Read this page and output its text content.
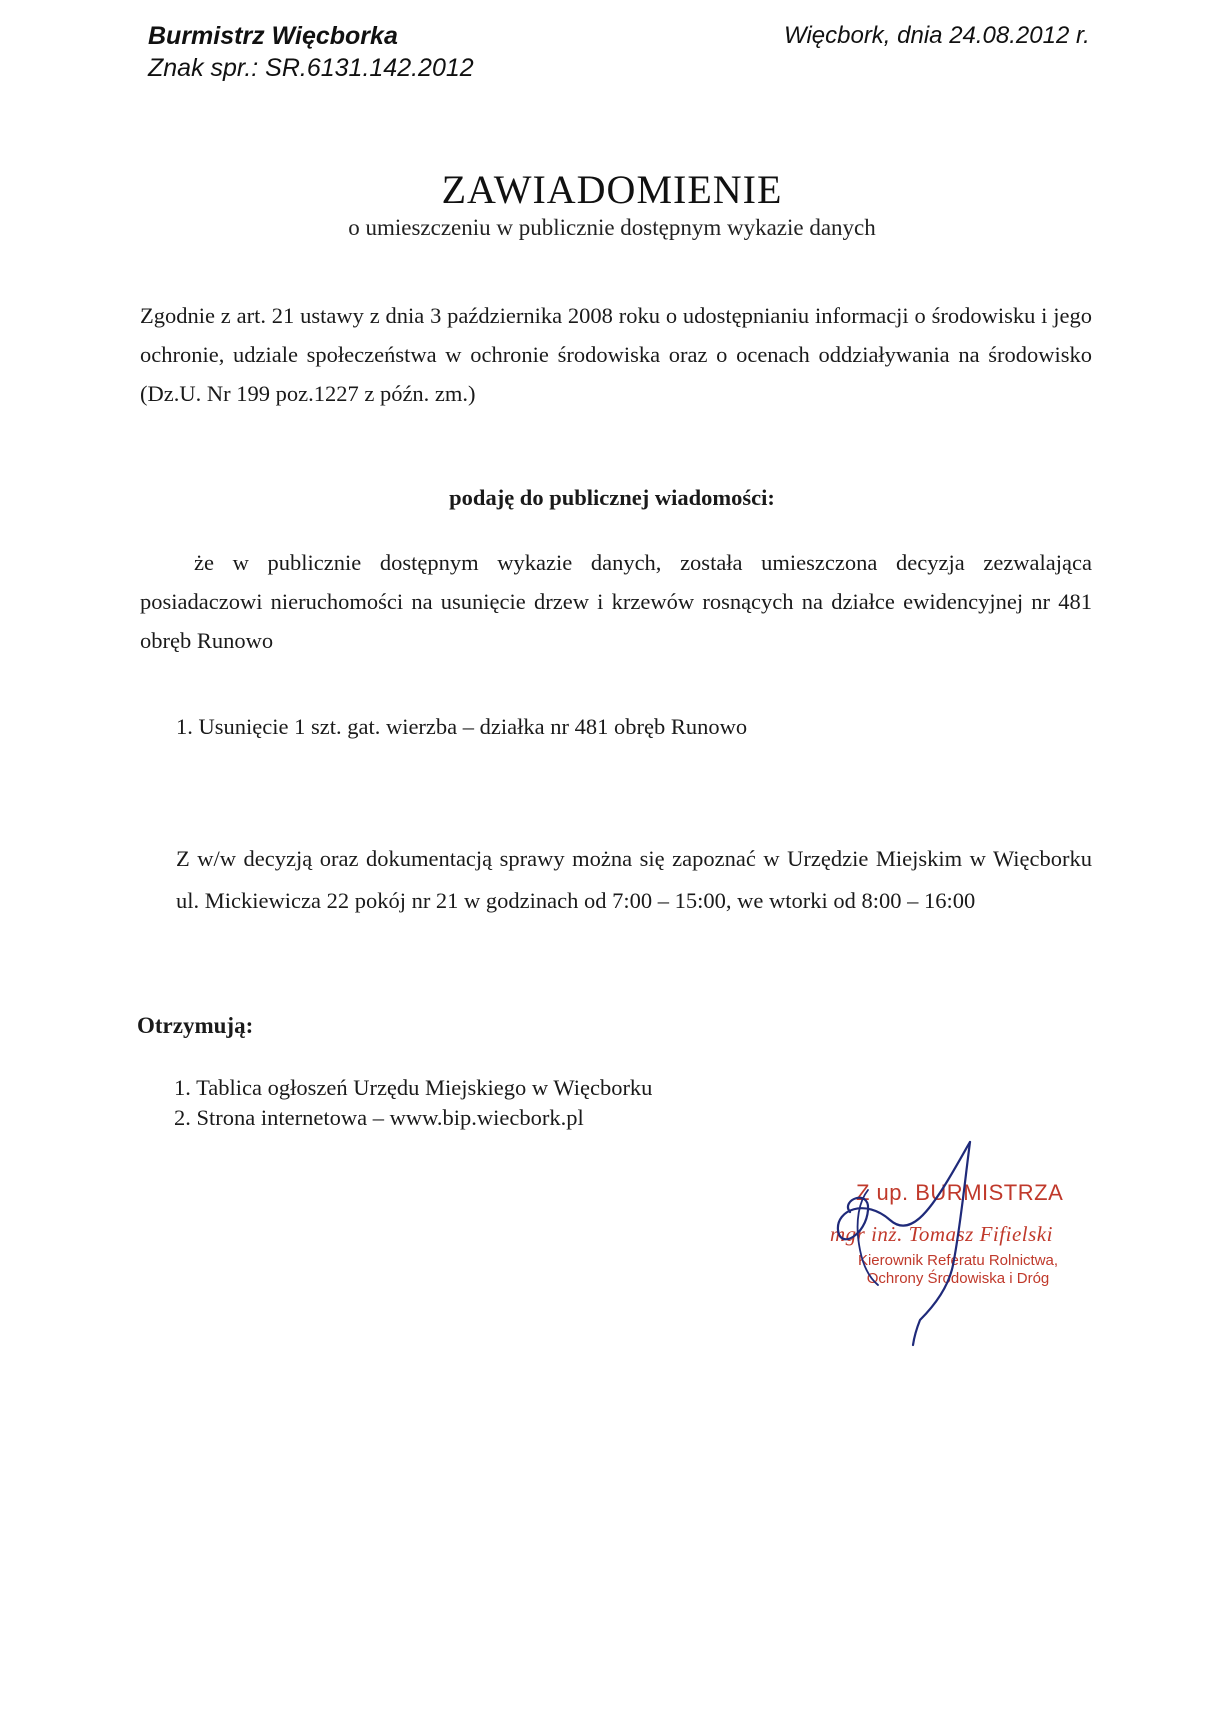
Burmistrz Więcborka
Znak spr.: SR.6131.142.2012
Więcbork, dnia 24.08.2012 r.
ZAWIADOMIENIE
o umieszczeniu w publicznie dostępnym wykazie danych
Zgodnie z art. 21 ustawy z dnia 3 października 2008 roku o udostępnianiu informacji o środowisku i jego ochronie, udziale społeczeństwa w ochronie środowiska oraz o ocenach oddziaływania na środowisko (Dz.U. Nr 199 poz.1227 z późn. zm.)
podaję do publicznej wiadomości:
że w publicznie dostępnym wykazie danych, została umieszczona decyzja zezwalająca posiadaczowi nieruchomości na usunięcie drzew i krzewów rosnących na działce ewidencyjnej nr 481 obręb Runowo
1. Usunięcie 1 szt. gat. wierzba – działka nr 481 obręb Runowo
Z w/w decyzją oraz dokumentacją sprawy można się zapoznać w Urzędzie Miejskim w Więcborku ul. Mickiewicza 22 pokój nr 21 w godzinach od 7:00 – 15:00, we wtorki od 8:00 – 16:00
Otrzymują:
1. Tablica ogłoszeń Urzędu Miejskiego w Więcborku
2. Strona internetowa – www.bip.wiecbork.pl
Z up. BURMISTRZA
mgr inż. Tomasz Fifielski
Kierownik Referatu Rolnictwa, Ochrony Środowiska i Dróg
